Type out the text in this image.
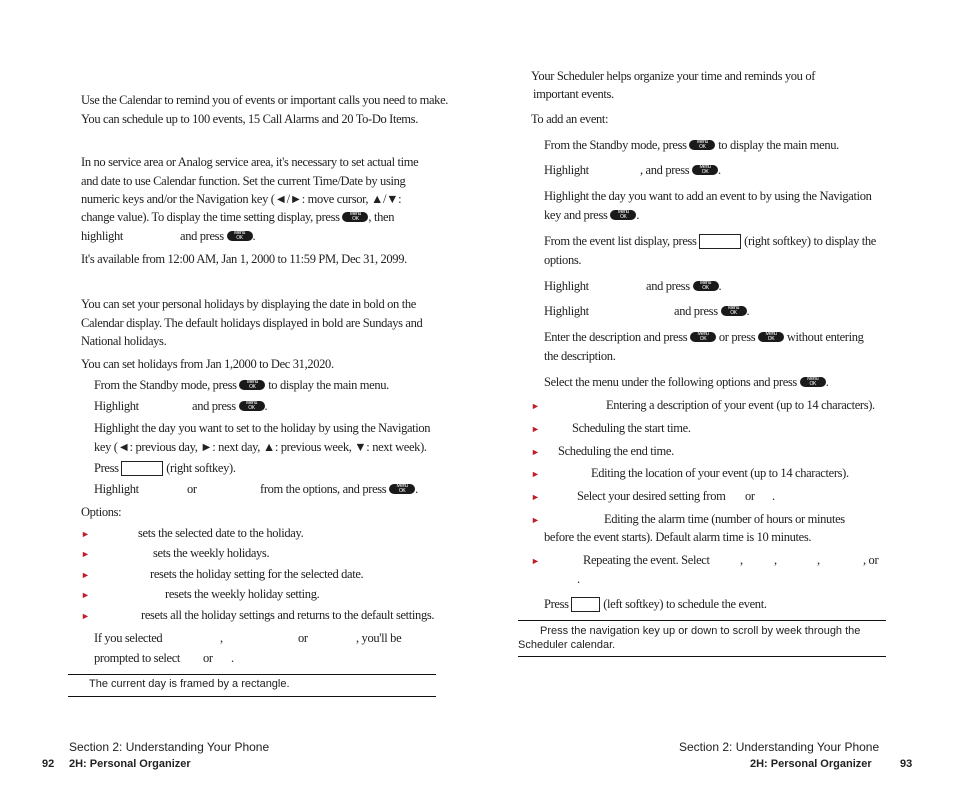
Use the Calendar to remind you of events or important calls you need to make.

You can schedule up to 100 events, 15 Call Alarms and 20 To-Do Items.

In no service area or Analog service area, it's necessary to set actual time

and date to use Calendar function. Set the current Time/Date by using

numeric keys and/or the Navigation key (◄/►: move cursor, ▲/▼:

change value). To display the time setting display, press	Menu
OK , then

highlight	and press	Menu
OK .

It's available from 12:00 AM, Jan 1, 2000 to 11:59 PM, Dec 31, 2099.

You can set your personal holidays by displaying the date in bold on the

Calendar display. The default holidays displayed in bold are Sundays and

National holidays.

You can set holidays from Jan 1,2000 to Dec 31,2020.

From the Standby mode, press	Menu
OK	to display the main menu.

Highlight	and press	Menu
OK .

Highlight the day you want to set to the holiday by using the Navigation

key (◄: previous day, ►: next day, ▲: previous week, ▼: next week).

Press	(right softkey).

Highlight	or	from the options, and press	Menu
OK .

Options:

►	sets the selected date to the holiday.

►	sets the weekly holidays.

►	resets the holiday setting for the selected date.

►	resets the weekly holiday setting.

►	resets all the holiday settings and returns to the default settings.

If you selected	,	or	, you'll be

prompted to select or .

The current day is framed by a rectangle.

Section 2: Understanding Your Phone

92 2H: Personal Organizer

Your Scheduler helps organize your time and reminds you of

important events.

To add an event:

From the Standby mode, press	Menu
OK	to display the main menu.

Highlight	, and press	Menu
OK .

Highlight the day you want to add an event to by using the Navigation

key and press	Menu
OK .

From the event list display, press	(right softkey) to display the

options.

Highlight	and press	Menu
OK .

Highlight	and press	Menu
OK .

Enter the description and press	Menu
OK	or press	Menu
OK	without entering

the description.

Select the menu under the following options and press	Menu
OK .

►	Entering a description of your event (up to 14 characters).

►	Scheduling the start time.

► Scheduling the end time.

►	Editing the location of your event (up to 14 characters).

►	Select your desired setting from or .

►	Editing the alarm time (number of hours or minutes

before the event starts). Default alarm time is 10 minutes.

►	Repeating the event. Select , ,	,	, or

.

Press	(left softkey) to schedule the event.

Press the navigation key up or down to scroll by week through the

Scheduler calendar.

Section 2: Understanding Your Phone

2H: Personal Organizer	93
